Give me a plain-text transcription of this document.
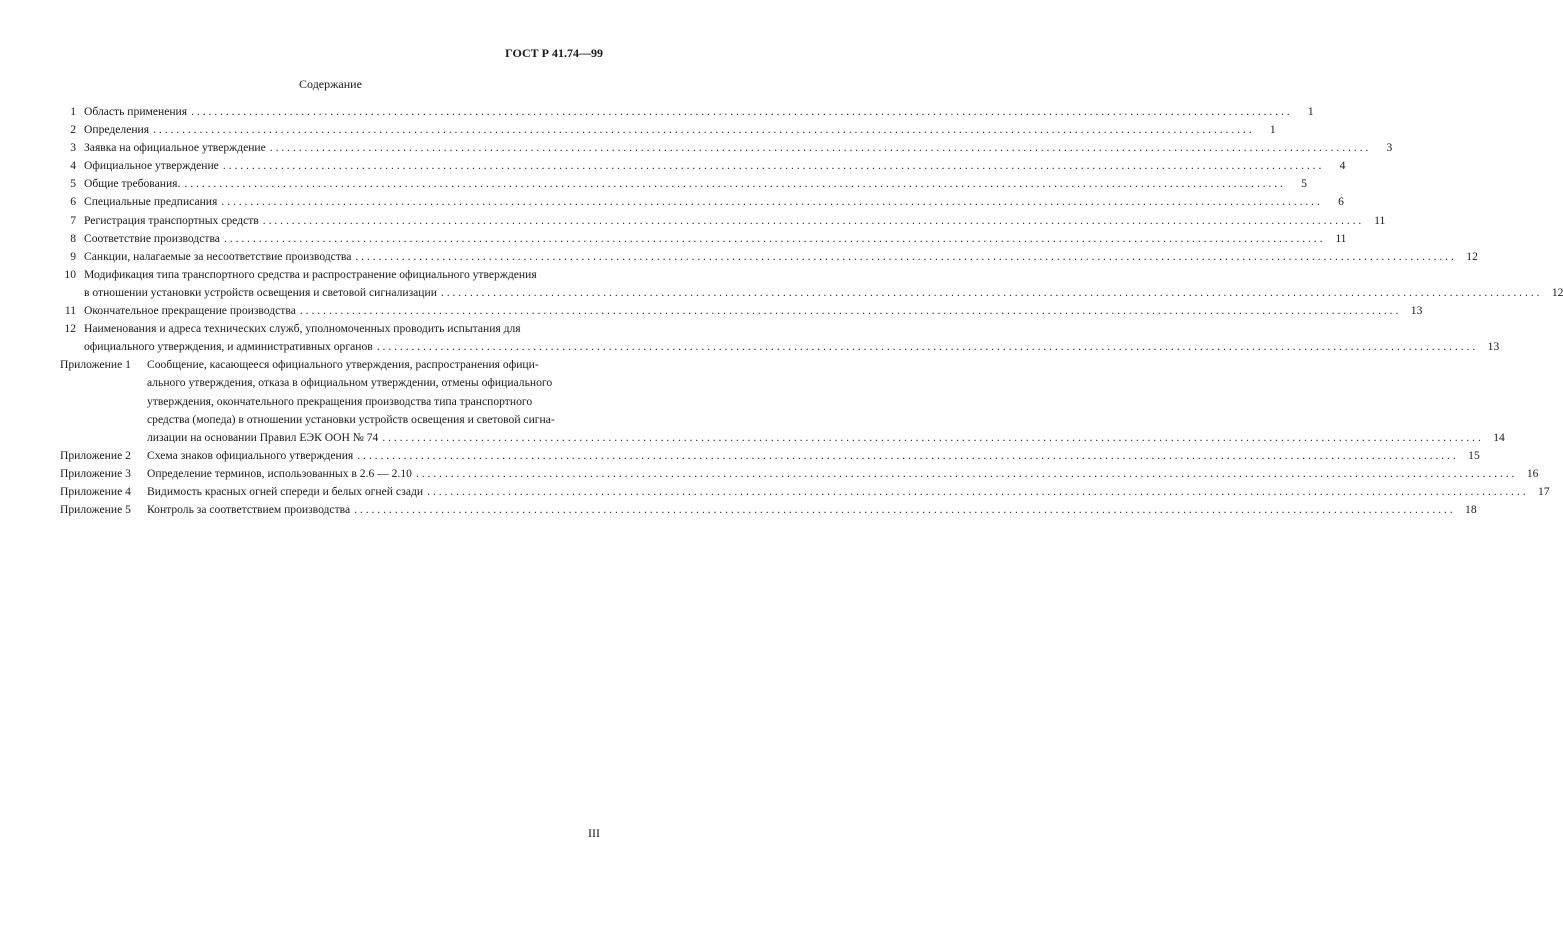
ГОСТ Р 41.74—99
Содержание
1 Область применения . . .	1
2 Определения . . .	1
3 Заявка на официальное утверждение . . .	3
4 Официальное утверждение . . .	4
5 Общие требования. . . .	5
6 Специальные предписания . . .	6
7 Регистрация транспортных средств . . .	11
8 Соответствие производства . . .	11
9 Санкции, налагаемые за несоответствие производства . . .	12
10 Модификация типа транспортного средства и распространение официального утверждения
в отношении установки устройств освещения и световой сигнализации . . .	12
11 Окончательное прекращение производства . . .	13
12 Наименования и адреса технических служб, уполномоченных проводить испытания для
официального утверждения, и административных органов . . .	13
Приложение 1	Сообщение, касающееся официального утверждения, распространения офици-
ального утверждения, отказа в официальном утверждении, отмены официального
утверждения, окончательного прекращения производства типа транспортного
средства (мопеда) в отношении установки устройств освещения и световой сигна-
лизации на основании Правил ЕЭК ООН № 74 . . .	14
Приложение 2	Схема знаков официального утверждения . . .	15
Приложение 3	Определение терминов, использованных в 2.6 — 2.10 . . .	16
Приложение 4	Видимость красных огней спереди и белых огней сзади . . .	17
Приложение 5	Контроль за соответствием производства . . .	18
III
